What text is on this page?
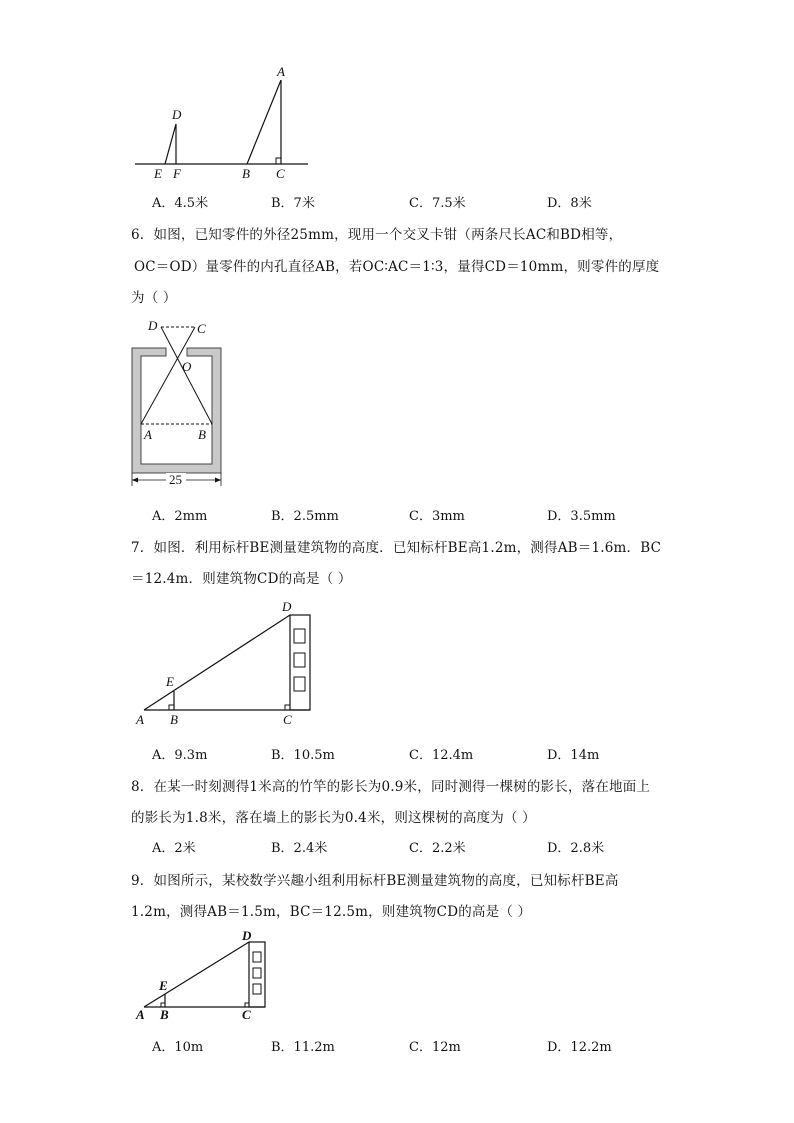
A
D
E F	B C
A．4.5米	B．7米	C．7.5米	D．8米
6．如图，已知零件的外径25mm，现用一个交叉卡钳（两条尺长AC和BD相等，
OC＝OD）量零件的内孔直径AB，若OC∶AC＝1∶3，量得CD＝10mm，则零件的厚度
为（ ）
25
D	C
O
A	B
A．2mm	B．2.5mm	C．3mm	D．3.5mm
7．如图．利用标杆BE测量建筑物的高度．已知标杆BE高1.2m，测得AB＝1.6m．BC
＝12.4m．则建筑物CD的高是（ ）
D
E
A B	C
A．9.3m	B．10.5m	C．12.4m	D．14m
8．在某一时刻测得1米高的竹竿的影长为0.9米，同时测得一棵树的影长，落在地面上
的影长为1.8米，落在墙上的影长为0.4米，则这棵树的高度为（ ）
A．2米	B．2.4米	C．2.2米	D．2.8米
9．如图所示，某校数学兴趣小组利用标杆BE测量建筑物的高度，已知标杆BE高
1.2m，测得AB＝1.5m，BC＝12.5m，则建筑物CD的高是（ ）
D
E
A B	C
A．10m	B．11.2m	C．12m	D．12.2m
